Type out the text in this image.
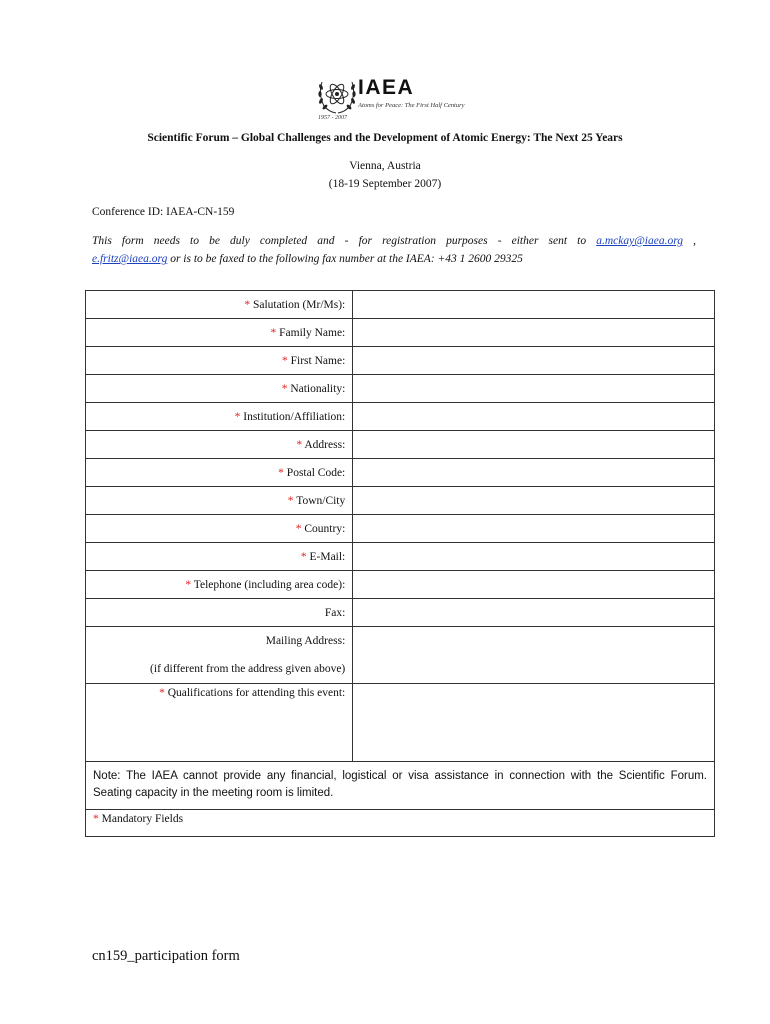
IAEA
Atoms for Peace: The First Half Century
1957 - 2007
Scientific Forum – Global Challenges and the Development of Atomic Energy: The Next 25 Years
Vienna, Austria
(18-19 September 2007)
Conference ID: IAEA-CN-159
This form needs to be duly completed and - for registration purposes - either sent to a.mckay@iaea.org ,
e.fritz@iaea.org or is to be faxed to the following fax number at the IAEA: +43 1 2600 29325
* Salutation (Mr/Ms):	
* Family Name:	
* First Name:	
* Nationality:	
* Institution/Affiliation:	
* Address:	
* Postal Code:	
* Town/City	
* Country:	
* E-Mail:	
* Telephone (including area code):	
Fax:	
Mailing Address:
(if different from the address given above)	
* Qualifications for attending this event:	
Note: The IAEA cannot provide any financial, logistical or visa assistance in connection with the Scientific Forum. Seating capacity in the meeting room is limited.	
* Mandatory Fields	
cn159_participation form
